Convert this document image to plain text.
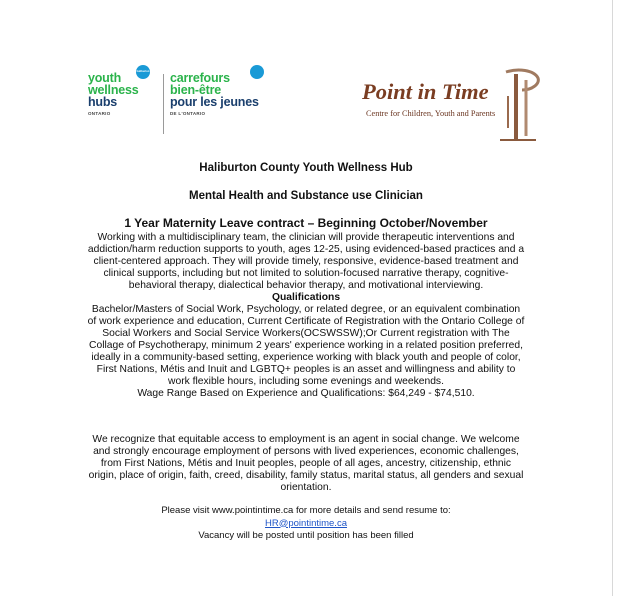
youth
wellness
hubs
ONTARIO
haliburton carrefours
bien-être
pour les jeunes
DE L'ONTARIO
Point in Time
Centre for Children, Youth and Parents
Haliburton County Youth Wellness Hub
Mental Health and Substance use Clinician
1 Year Maternity Leave contract – Beginning October/November
Working with a multidisciplinary team, the clinician will provide therapeutic interventions and
addiction/harm reduction supports to youth, ages 12-25, using evidenced-based practices and a
client-centered approach. They will provide timely, responsive, evidence-based treatment and
clinical supports, including but not limited to solution-focused narrative therapy, cognitive-
behavioral therapy, dialectical behavior therapy, and motivational interviewing.
Qualifications
Bachelor/Masters of Social Work, Psychology, or related degree, or an equivalent combination
of work experience and education, Current Certificate of Registration with the Ontario College of
Social Workers and Social Service Workers(OCSWSSW);Or Current registration with The
Collage of Psychotherapy, minimum 2 years' experience working in a related position preferred,
ideally in a community-based setting, experience working with black youth and people of color,
First Nations, Métis and Inuit and LGBTQ+ peoples is an asset and willingness and ability to
work flexible hours, including some evenings and weekends.
Wage Range Based on Experience and Qualifications: $64,249 - $74,510.
We recognize that equitable access to employment is an agent in social change. We welcome
and strongly encourage employment of persons with lived experiences, economic challenges,
from First Nations, Métis and Inuit peoples, people of all ages, ancestry, citizenship, ethnic
origin, place of origin, faith, creed, disability, family status, marital status, all genders and sexual
orientation.
Please visit www.pointintime.ca for more details and send resume to:
HR@pointintime.ca
Vacancy will be posted until position has been filled
